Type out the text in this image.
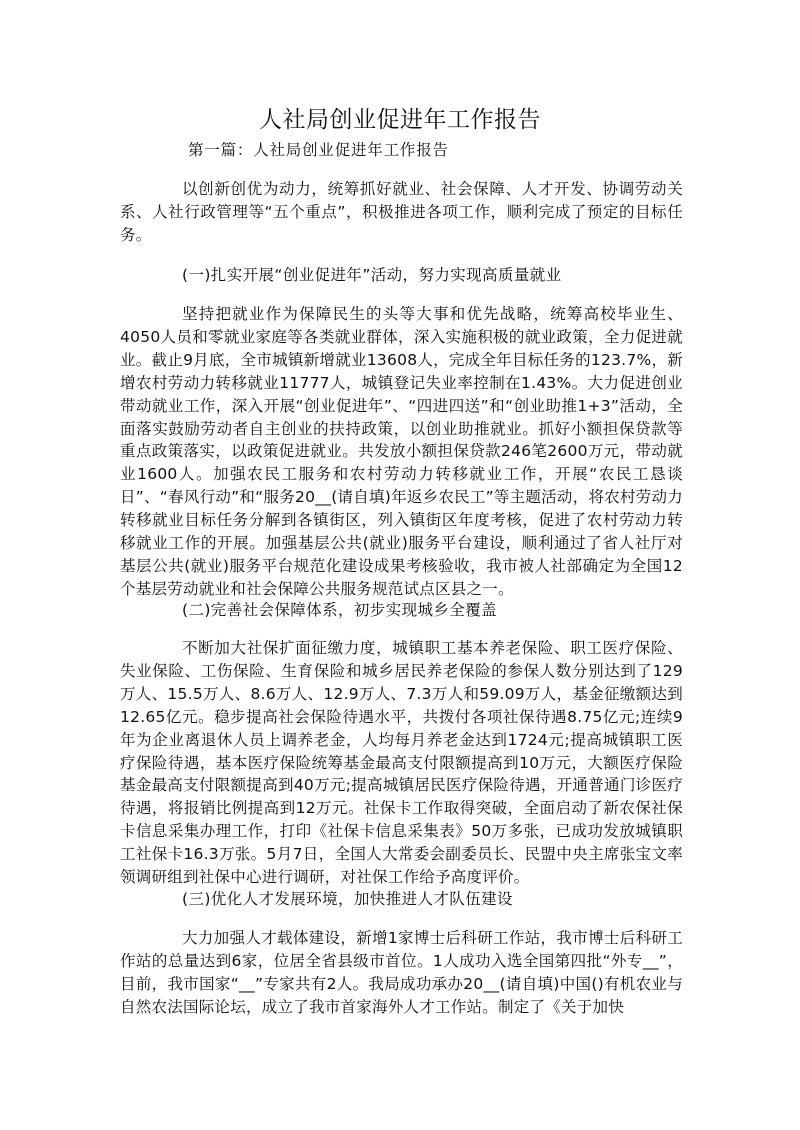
人社局创业促进年工作报告
第一篇：人社局创业促进年工作报告

以创新创优为动力，统筹抓好就业、社会保障、人才开发、协调劳动关系、人社行政管理等“五个重点”，积极推进各项工作，顺利完成了预定的目标任务。

(一)扎实开展“创业促进年”活动，努力实现高质量就业

坚持把就业作为保障民生的头等大事和优先战略，统筹高校毕业生、4050人员和零就业家庭等各类就业群体，深入实施积极的就业政策，全力促进就业。截止9月底，全市城镇新增就业13608人，完成全年目标任务的123.7%，新增农村劳动力转移就业11777人，城镇登记失业率控制在1.43%。大力促进创业带动就业工作，深入开展“创业促进年”、“四进四送”和“创业助推1+3”活动，全面落实鼓励劳动者自主创业的扶持政策，以创业助推就业。抓好小额担保贷款等重点政策落实，以政策促进就业。共发放小额担保贷款246笔2600万元，带动就业1600人。加强农民工服务和农村劳动力转移就业工作，开展“农民工恳谈日”、“春风行动”和“服务20__(请自填)年返乡农民工”等主题活动，将农村劳动力转移就业目标任务分解到各镇街区，列入镇街区年度考核，促进了农村劳动力转移就业工作的开展。加强基层公共(就业)服务平台建设，顺利通过了省人社厅对基层公共(就业)服务平台规范化建设成果考核验收，我市被人社部确定为全国12个基层劳动就业和社会保障公共服务规范试点区县之一。

(二)完善社会保障体系，初步实现城乡全覆盖

不断加大社保扩面征缴力度，城镇职工基本养老保险、职工医疗保险、失业保险、工伤保险、生育保险和城乡居民养老保险的参保人数分别达到了129万人、15.5万人、8.6万人、12.9万人、7.3万人和59.09万人，基金征缴额达到12.65亿元。稳步提高社会保险待遇水平，共拨付各项社保待遇8.75亿元;连续9年为企业离退休人员上调养老金，人均每月养老金达到1724元;提高城镇职工医疗保险待遇，基本医疗保险统筹基金最高支付限额提高到10万元，大额医疗保险基金最高支付限额提高到40万元;提高城镇居民医疗保险待遇，开通普通门诊医疗待遇，将报销比例提高到12万元。社保卡工作取得突破，全面启动了新农保社保卡信息采集办理工作，打印《社保卡信息采集表》50万多张，已成功发放城镇职工社保卡16.3万张。5月7日，全国人大常委会副委员长、民盟中央主席张宝文率领调研组到社保中心进行调研，对社保工作给予高度评价。

(三)优化人才发展环境，加快推进人才队伍建设

大力加强人才载体建设，新增1家博士后科研工作站，我市博士后科研工作站的总量达到6家，位居全省县级市首位。1人成功入选全国第四批“外专__”，目前，我市国家“__”专家共有2人。我局成功承办20__(请自填)中国()有机农业与自然农法国际论坛，成立了我市首家海外人才工作站。制定了《关于加快
